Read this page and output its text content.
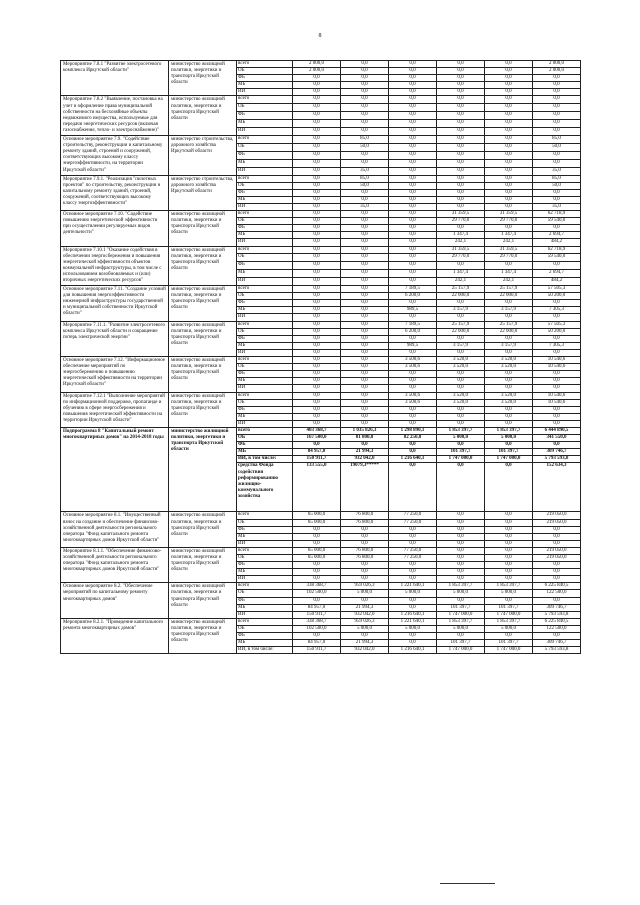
8
Мероприятие 7.8.1 "Развитие электросетевого комплекса Иркутской области"	министерство жилищной политики, энергетики и транспорта Иркутской области	всего	2 000,0	0,0	0,0	0,0	0,0	2 000,0
		ОБ	2 000,0	0,0	0,0	0,0	0,0	2 000,0
		ФБ	0,0	0,0	0,0	0,0	0,0	0,0
		МБ	0,0	0,0	0,0	0,0	0,0	0,0
		ИИ	0,0	0,0	0,0	0,0	0,0	0,0
Мероприятие 7.8.2 "Выявление, постановка на учет и оформление права муниципальной собственности на бесхозяйные объекты недвижимого имущества, используемые для передачи энергетических ресурсов (включая газоснабжение, тепло- и электроснабжение)"	министерство жилищной политики, энергетики и транспорта Иркутской области	всего	0,0	0,0	0,0	0,0	0,0	0,0
		ОБ	0,0	0,0	0,0	0,0	0,0	0,0
		ФБ	0,0	0,0	0,0	0,0	0,0	0,0
		МБ	0,0	0,0	0,0	0,0	0,0	0,0
		ИИ	0,0	0,0	0,0	0,0	0,0	0,0
Основное мероприятие 7.9. "Содействие строительству, реконструкции и капитальному ремонту зданий, строений и сооружений, соответствующих высокому классу энергоэффективности, на территории Иркутской области"	министерство строительства, дорожного хозяйства Иркутской области	всего	0,0	85,0	0,0	0,0	0,0	85,0
		ОБ	0,0	50,0	0,0	0,0	0,0	50,0
		ФБ	0,0	0,0	0,0	0,0	0,0	0,0
		МБ	0,0	0,0	0,0	0,0	0,0	0,0
		ИИ	0,0	35,0	0,0	0,0	0,0	35,0
Мероприятие 7.9.1. "Реализация "пилотных проектов" по строительству, реконструкции и капитальному ремонту зданий, строений, сооружений, соответствующих высокому классу энергоэффективности"	министерство строительства, дорожного хозяйства Иркутской области	всего	0,0	85,0	0,0	0,0	0,0	85,0
		ОБ	0,0	50,0	0,0	0,0	0,0	50,0
		ФБ	0,0	0,0	0,0	0,0	0,0	0,0
		МБ	0,0	0,0	0,0	0,0	0,0	0,0
		ИИ	0,0	35,0	0,0	0,0	0,0	35,0
Основное мероприятие 7.10. "Содействие повышению энергетической эффективности при осуществлении регулируемых видов деятельности"	министерство жилищной политики, энергетики и транспорта Иркутской области	всего	0,0	0,0	0,0	31 359,5	31 359,5	62 718,9
		ОБ	0,0	0,0	0,0	29 770,0	29 770,0	59 540,0
		ФБ	0,0	0,0	0,0	0,0	0,0	0,0
		МБ	0,0	0,0	0,0	1 347,4	1 347,4	2 694,7
		ИИ	0,0	0,0	0,0	242,1	242,1	484,2
Мероприятие 7.10.1 "Оказание содействия в обеспечении энергосбережения и повышения энергетической эффективности объектов коммунальной инфраструктуры, в том числе с использованием возобновляемых и (или) вторичных энергетических ресурсов"	министерство жилищной политики, энергетики и транспорта Иркутской области	всего	0,0	0,0	0,0	31 359,5	31 359,5	62 718,9
		ОБ	0,0	0,0	0,0	29 770,0	29 770,0	59 540,0
		ФБ	0,0	0,0	0,0	0,0	0,0	0,0
		МБ	0,0	0,0	0,0	1 347,4	1 347,4	2 694,7
		ИИ	0,0	0,0	0,0	242,1	242,1	484,2
Основное мероприятие 7.11. "Создание условий для повышения энергоэффективности инженерной инфраструктуры государственной и муниципальной собственности Иркутской области"	министерство жилищной политики, энергетики и транспорта Иркутской области	всего	0,0	0,0	7 189,5	25 157,9	25 157,9	57 505,3
		ОБ	0,0	0,0	6 200,0	22 000,0	22 000,0	50 200,0
		ФБ	0,0	0,0	0,0	0,0	0,0	0,0
		МБ	0,0	0,0	989,5	3 157,9	3 157,9	7 305,3
		ИИ	0,0	0,0	0,0	0,0	0,0	0,0
Мероприятие 7.11.1. "Развитие электросетевого комплекса Иркутской области и сокращение потерь электрической энергии"	министерство жилищной политики, энергетики и транспорта Иркутской области	всего	0,0	0,0	7 189,5	25 157,9	25 157,9	57 505,3
		ОБ	0,0	0,0	6 200,0	22 000,0	22 000,0	50 200,0
		ФБ	0,0	0,0	0,0	0,0	0,0	0,0
		МБ	0,0	0,0	989,5	3 157,9	3 157,9	7 305,3
		ИИ	0,0	0,0	0,0	0,0	0,0	0,0
Основное мероприятие 7.12. "Информационное обеспечение мероприятий по энергосбережению и повышению энергетической эффективности на территории Иркутской области"	министерство жилищной политики, энергетики и транспорта Иркутской области	всего	0,0	0,0	3 500,6	3 520,0	3 520,0	10 540,6
		ОБ	0,0	0,0	3 500,6	3 520,0	3 520,0	10 540,6
		ФБ	0,0	0,0	0,0	0,0	0,0	0,0
		МБ	0,0	0,0	0,0	0,0	0,0	0,0
		ИИ	0,0	0,0	0,0	0,0	0,0	0,0
Мероприятие 7.12.1 "Выполнение мероприятий по информационной поддержке, пропаганде и обучению в сфере энергосбережения и повышения энергетической эффективности на территории Иркутской области"	министерство жилищной политики, энергетики и транспорта Иркутской области	всего	0,0	0,0	3 500,6	3 520,0	3 520,0	10 540,6
		ОБ	0,0	0,0	3 500,6	3 520,0	3 520,0	10 540,6
		ФБ	0,0	0,0	0,0	0,0	0,0	0,0
		МБ	0,0	0,0	0,0	0,0	0,0	0,0
		ИИ	0,0	0,0	0,0	0,0	0,0	0,0
Подпрограмма 8 "Капитальный ремонт многоквартирных домов" на 2014-2018 годы	министерство жилищной политики, энергетики и транспорта Иркутской области	всего	403 368,7	1 035 826,3	1 298 890,1	1 853 397,7	1 853 397,7	6 444 890,5
		ОБ	167 500,0	81 800,0	82 250,0	5 000,0	5 000,0	341 550,0
		ФБ	0,0	0,0	0,0	0,0	0,0	0,0
		МБ	84 957,0	21 994,3	0,0	101 397,7	101 397,7	309 746,7
		ИИ, в том числе:	150 911,7	932 042,0	1 216 640,1	1 747 000,0	1 747 000,0	5 793 593,8
		средства Фонда содействия реформированию жилищно-коммунального хозяйства	133 555,0	19079,3*****	0,0	0,0	0,0	152 634,3
Основное мероприятие 8.1. "Имущественный взнос на создание и обеспечение финансово-хозяйственной деятельности регионального оператора "Фонд капитального ремонта многоквартирных домов Иркутской области"	министерство жилищной политики, энергетики и транспорта Иркутской области	всего	65 000,0	76 800,0	77 250,0	0,0	0,0	219 050,0
		ОБ	65 000,0	76 800,0	77 250,0	0,0	0,0	219 050,0
		ФБ	0,0	0,0	0,0	0,0	0,0	0,0
		МБ	0,0	0,0	0,0	0,0	0,0	0,0
		ИИ	0,0	0,0	0,0	0,0	0,0	0,0
Мероприятие 8.1.1. "Обеспечение финансово-хозяйственной деятельности регионального оператора "Фонд капитального ремонта многоквартирных домов Иркутской области"	министерство жилищной политики, энергетики и транспорта Иркутской области	всего	65 000,0	76 800,0	77 250,0	0,0	0,0	219 050,0
		ОБ	65 000,0	76 800,0	77 250,0	0,0	0,0	219 050,0
		ФБ	0,0	0,0	0,0	0,0	0,0	0,0
		МБ	0,0	0,0	0,0	0,0	0,0	0,0
		ИИ	0,0	0,0	0,0	0,0	0,0	0,0
Основное мероприятие 8.2. "Обеспечение мероприятий по капитальному ремонту многоквартирных домов"	министерство жилищной политики, энергетики и транспорта Иркутской области	всего	338 368,7	959 026,3	1 221 640,1	1 853 397,7	1 853 397,7	6 225 840,5
		ОБ	102 500,0	5 000,0	5 000,0	5 000,0	5 000,0	122 500,0
		ФБ	0,0	0,0	0,0	0,0	0,0	0,0
		МБ	84 957,0	21 994,3	0,0	101 397,7	101 397,7	309 746,7
		ИИ	150 911,7	932 042,0	1 216 640,1	1 747 000,0	1 747 000,0	5 793 593,8
Мероприятие 8.2.1. "Проведение капитального ремонта многоквартирных домов"	министерство жилищной политики, энергетики и транспорта Иркутской области	всего	338 368,7	959 026,3	1 221 640,1	1 853 397,7	1 853 397,7	6 225 840,5
		ОБ	102 500,0	5 000,0	5 000,0	5 000,0	5 000,0	122 500,0
		ФБ	0,0	0,0	0,0	0,0	0,0	0,0
		МБ	84 957,0	21 994,3	0,0	101 397,7	101 397,7	309 746,7
		ИИ, в том числе:	150 911,7	932 042,0	1 216 640,1	1 747 000,0	1 747 000,0	5 793 593,8
